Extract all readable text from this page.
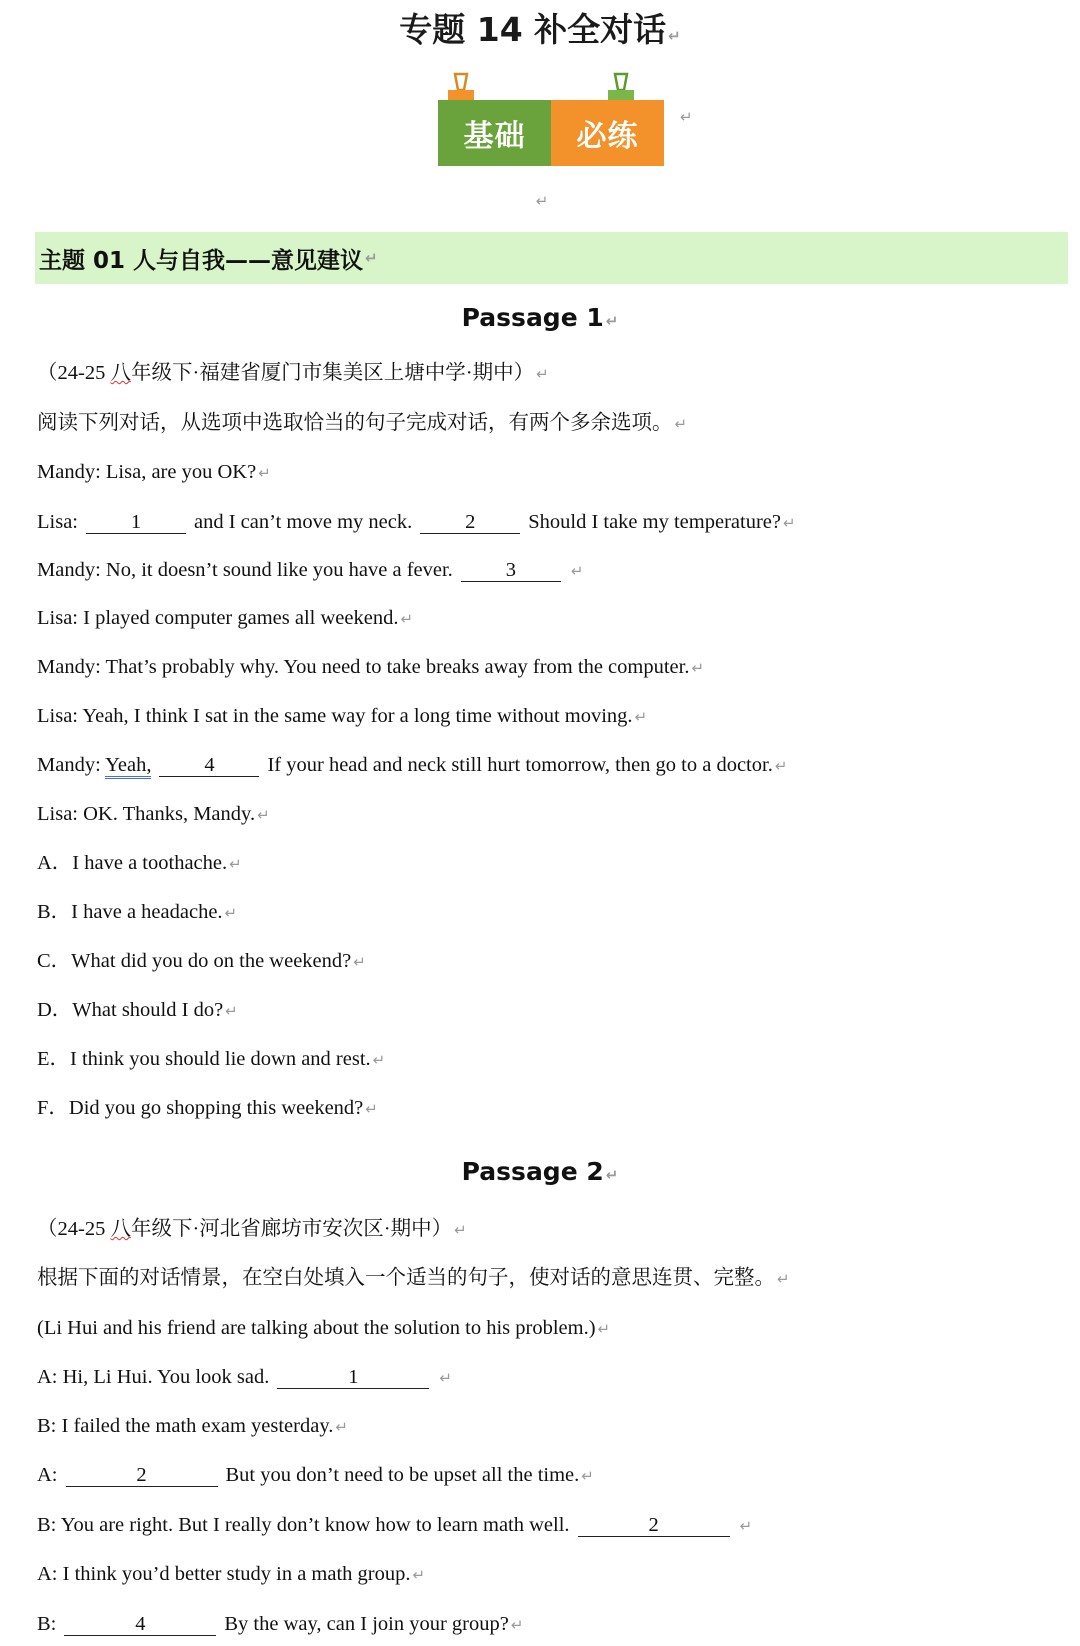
专题 14 补全对话 ↵
基础	必练
↵
↵
主题 01 人与自我——意见建议 ↵
Passage 1 ↵
（24-25 八年级下·福建省厦门市集美区上塘中学·期中） ↵
阅读下列对话，从选项中选取恰当的句子完成对话，有两个多余选项。 ↵
Mandy: Lisa, are you OK? ↵
Lisa:	1	and I can’t move my neck.	2	Should I take my temperature? ↵
Mandy: No, it doesn’t sound like you have a fever.	3	↵
Lisa: I played computer games all weekend. ↵
Mandy: That’s probably why. You need to take breaks away from the computer. ↵
Lisa: Yeah, I think I sat in the same way for a long time without moving. ↵
Mandy: Yeah,	4	If your head and neck still hurt tomorrow, then go to a doctor. ↵
Lisa: OK. Thanks, Mandy. ↵
A．I have a toothache. ↵
B．I have a headache. ↵
C．What did you do on the weekend? ↵
D．What should I do? ↵
E．I think you should lie down and rest. ↵
F．Did you go shopping this weekend? ↵
Passage 2 ↵
（24-25 八年级下·河北省廊坊市安次区·期中） ↵
根据下面的对话情景，在空白处填入一个适当的句子，使对话的意思连贯、完整。 ↵
(Li Hui and his friend are talking about the solution to his problem.) ↵
A: Hi, Li Hui. You look sad.	1	↵
B: I failed the math exam yesterday. ↵
A:	2	But you don’t need to be upset all the time. ↵
B: You are right. But I really don’t know how to learn math well.	2	↵
A: I think you’d better study in a math group. ↵
B:	4	By the way, can I join your group? ↵
